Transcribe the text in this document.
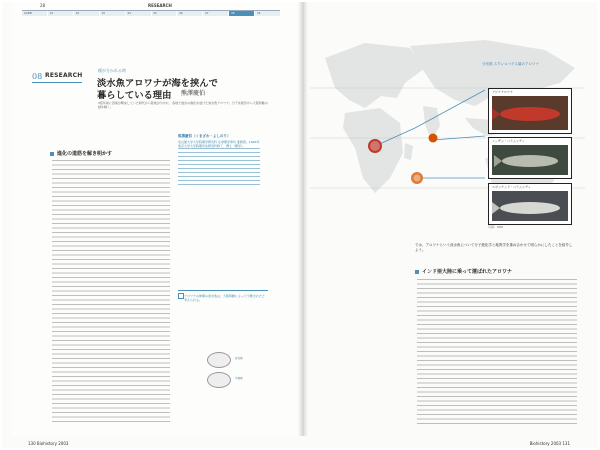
28	RESEARCH
GUIDE	01	02	03	04	05	06	07	08	09
08 RESEARCH
種が分かれる時
淡水魚アロワナが海を挟んで
暮らしている理由 熊澤慶伯
3億年前に恐竜が繁栄していた時代から陸地が分かれ、各地で独自の進化を遂げた淡水魚アロワナ。分子系統学から大陸移動の謎を解く。
進化の道筋を解き明かす
熊澤慶伯（くまざわ・よしのり）
名古屋大学大学院理学研究科 生命理学専攻 准教授。1993年東京大学大学院理学系研究科修了、博士（理学）。
アロワナの仲間の淡水魚は、大陸移動によって分断されたと考えられる。
有性期
生殖期
130 Biohistory 2003
分布図 スクレロパゲス属のアロワナ
アジアアロワナ
ノーザン・バラムンディ
スポッテッド・バラムンディ
写真：SPO
では、アロワナという淡水魚について分子進化学と地質学を重ね合わせて明らかにしたことを紹介しよう。
インド亜大陸に乗って運ばれたアロワナ
Biohistory 2003 131
